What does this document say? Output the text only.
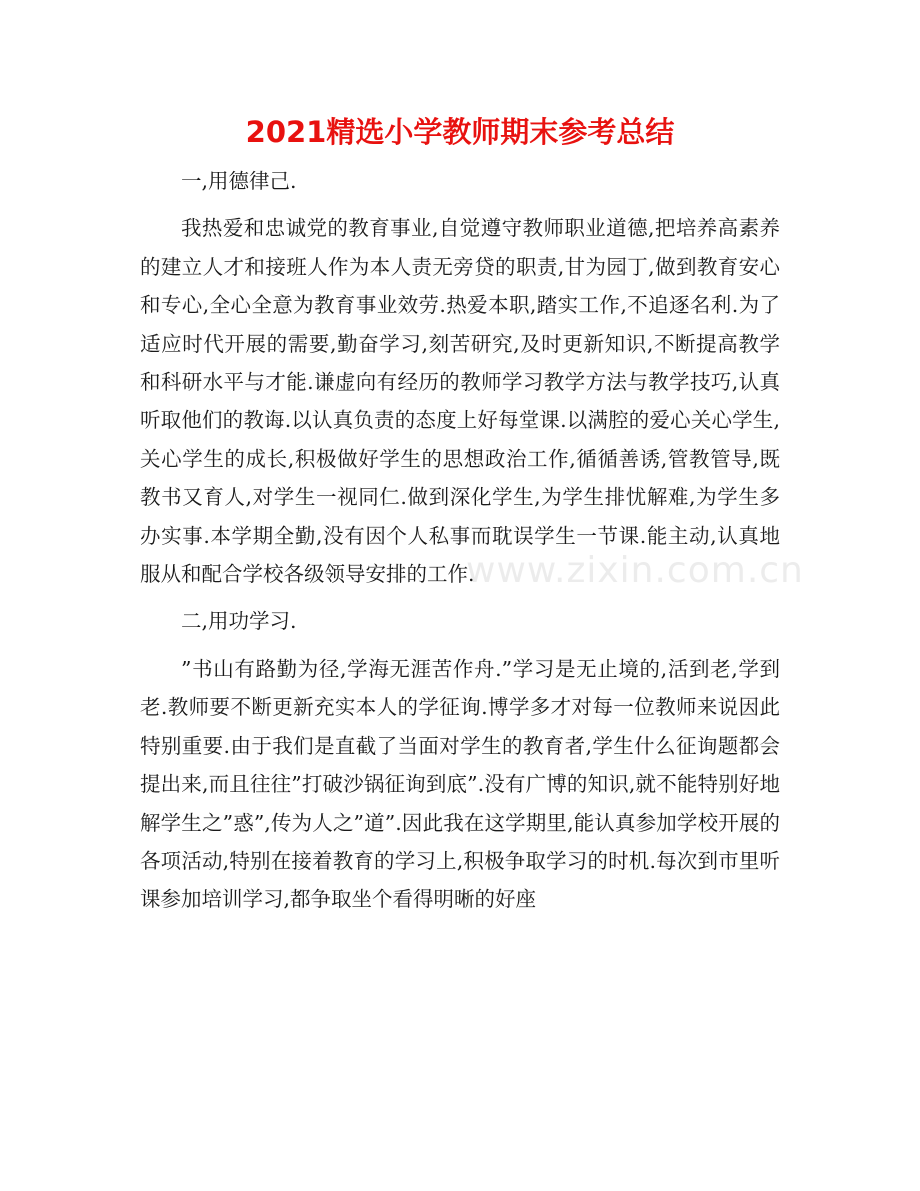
2021精选小学教师期末参考总结

一,用德律己.

我热爱和忠诚党的教育事业,自觉遵守教师职业道德,把培养高素养的建立人才和接班人作为本人责无旁贷的职责,甘为园丁,做到教育安心和专心,全心全意为教育事业效劳.热爱本职,踏实工作,不追逐名利.为了适应时代开展的需要,勤奋学习,刻苦研究,及时更新知识,不断提高教学和科研水平与才能.谦虚向有经历的教师学习教学方法与教学技巧,认真听取他们的教诲.以认真负责的态度上好每堂课.以满腔的爱心关心学生,关心学生的成长,积极做好学生的思想政治工作,循循善诱,管教管导,既教书又育人,对学生一视同仁.做到深化学生,为学生排忧解难,为学生多办实事.本学期全勤,没有因个人私事而耽误学生一节课.能主动,认真地服从和配合学校各级领导安排的工作.

二,用功学习.

”书山有路勤为径,学海无涯苦作舟.”学习是无止境的,活到老,学到老.教师要不断更新充实本人的学征询.博学多才对每一位教师来说因此特别重要.由于我们是直截了当面对学生的教育者,学生什么征询题都会提出来,而且往往”打破沙锅征询到底”.没有广博的知识,就不能特别好地解学生之”惑”,传为人之”道”.因此我在这学期里,能认真参加学校开展的各项活动,特别在接着教育的学习上,积极争取学习的时机.每次到市里听课参加培训学习,都争取坐个看得明晰的好座

www.zixin.com.cn
